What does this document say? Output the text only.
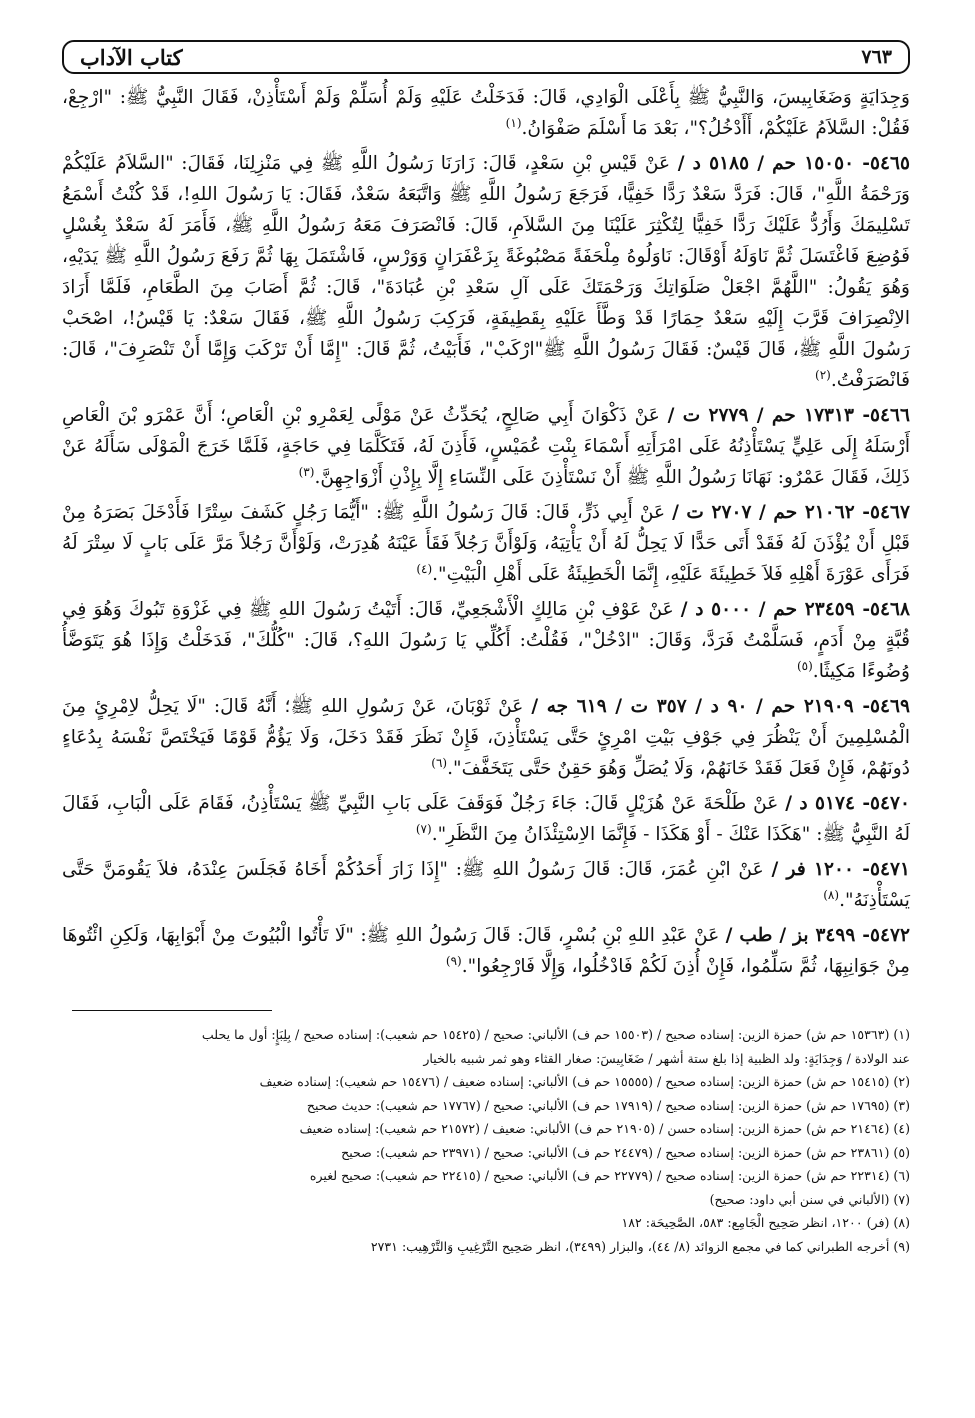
كتاب الآداب	٧٦٣

وَجِدَايَةٍ وَضَغَابِيسَ، وَالنَّبِيُّ ﷺ بِأَعْلَى الْوَادِي، قَالَ: فَدَخَلْتُ عَلَيْهِ وَلَمْ أُسَلِّمْ وَلَمْ أَسْتَأْذِنْ، فَقَالَ النَّبِيُّ ﷺ: "ارْجِعْ، فَقُلْ: السَّلاَمُ عَلَيْكُمْ، أَأَدْخُلُ؟"، بَعْدَ مَا أَسْلَمَ صَفْوَانُ.$^{(١)}$

٥٤٦٥- ١٥٠٥٠ حم / ٥١٨٥ د / عَنْ قَيْسِ بْنِ سَعْدٍ، قَالَ: زَارَنَا رَسُولُ اللَّهِ ﷺ فِي مَنْزِلِنَا، فَقَالَ: "السَّلاَمُ عَلَيْكُمْ وَرَحْمَةُ اللَّهِ"، قَالَ: فَرَدَّ سَعْدٌ رَدًّا خَفِيًّا، فَرَجَعَ رَسُولُ اللَّهِ ﷺ وَاتَّبَعَهُ سَعْدٌ، فَقَالَ: يَا رَسُولَ اللهِ!، قَدْ كُنْتُ أَسْمَعُ تَسْلِيمَكَ وَأَرُدُّ عَلَيْكَ رَدًّا خَفِيًّا لِتُكْثِرَ عَلَيْنَا مِنَ السَّلاَمِ، قَالَ: فَانْصَرَفَ مَعَهُ رَسُولُ اللَّهِ ﷺ، فَأَمَرَ لَهُ سَعْدٌ بِغُسْلٍ فَوُضِعَ فَاغْتَسَلَ ثُمَّ نَاوَلَهُ أَوْقَالَ: نَاوَلُوهُ مِلْحَفَةً مَصْبُوغَةً بِزَعْفَرَانٍ وَوَرْسٍ، فَاشْتَمَلَ بِهَا ثُمَّ رَفَعَ رَسُولُ اللَّهِ ﷺ يَدَيْهِ، وَهُوَ يَقُولُ: "اللَّهُمَّ اجْعَلْ صَلَوَاتِكَ وَرَحْمَتَكَ عَلَى آلِ سَعْدِ بْنِ عُبَادَةَ"، قَالَ: ثُمَّ أَصَابَ مِنَ الطَّعَامِ، فَلَمَّا أَرَادَ الاِنْصِرَافَ قَرَّبَ إِلَيْهِ سَعْدٌ حِمَارًا قَدْ وَطَّأَ عَلَيْهِ بِقَطِيفَةٍ، فَرَكِبَ رَسُولُ اللَّهِ ﷺ، فَقَالَ سَعْدٌ: يَا قَيْسُ!، اصْحَبْ رَسُولَ اللَّهِ ﷺ، قَالَ قَيْسٌ: فَقَالَ رَسُولُ اللَّهِ ﷺ"ارْكَبْ"، فَأَبَيْتُ، ثُمَّ قَالَ: "إِمَّا أَنْ تَرْكَبَ وَإِمَّا أَنْ تَنْصَرِفَ"، قَالَ: فَانْصَرَفْتُ.$^{(٢)}$

٥٤٦٦- ١٧٣١٣ حم / ٢٧٧٩ ت / عَنْ ذَكْوَانَ أَبِي صَالِحٍ، يُحَدِّثُ عَنْ مَوْلًى لِعَمْرِو بْنِ الْعَاصِ؛ أَنَّ عَمْرَو بْنَ الْعَاصِ أَرْسَلَهُ إِلَى عَلِيٍّ يَسْتَأْذِنُهُ عَلَى امْرَأَتِهِ أَسْمَاءَ بِنْتِ عُمَيْسٍ، فَأَذِنَ لَهُ، فَتَكَلَّمَا فِي حَاجَةٍ، فَلَمَّا خَرَجَ الْمَوْلَى سَأَلَهُ عَنْ ذَلِكَ، فَقَالَ عَمْرٌو: نَهَانَا رَسُولُ اللَّهِ ﷺ أَنْ نَسْتَأْذِنَ عَلَى النِّسَاءِ إِلَّا بِإِذْنِ أَزْوَاجِهِنَّ.$^{(٣)}$

٥٤٦٧- ٢١٠٦٢ حم / ٢٧٠٧ ت / عَنْ أَبِي ذَرٍّ، قَالَ: قَالَ رَسُولُ اللَّهِ ﷺ: "أَيُّمَا رَجُلٍ كَشَفَ سِتْرًا فَأَدْخَلَ بَصَرَهُ مِنْ قَبْلِ أَنْ يُؤْذَنَ لَهُ فَقَدْ أَتَى حَدًّا لَا يَحِلُّ لَهُ أَنْ يَأْتِيَهُ، وَلَوْأَنَّ رَجُلاً فَقَأَ عَيْنَهُ هُدِرَتْ، وَلَوْأَنَّ رَجُلاً مَرَّ عَلَى بَابٍ لَا سِتْرَ لَهُ فَرَأَى عَوْرَةَ أَهْلِهِ فَلاَ خَطِيئَةَ عَلَيْهِ، إِنَّمَا الْخَطِيئَةُ عَلَى أَهْلِ الْبَيْتِ".$^{(٤)}$

٥٤٦٨- ٢٣٤٥٩ حم / ٥٠٠٠ د / عَنْ عَوْفِ بْنِ مَالِكٍ الْأَشْجَعِيِّ، قَالَ: أَتَيْتُ رَسُولَ اللهِ ﷺ فِي غَزْوَةِ تَبُوكَ وَهُوَ فِي قُبَّةٍ مِنْ أَدَمٍ، فَسَلَّمْتُ فَرَدَّ، وَقَالَ: "ادْخُلْ"، فَقُلْتُ: أَكُلِّي يَا رَسُولَ اللهِ؟، قَالَ: "كُلُّكَ"، فَدَخَلْتُ وَإِذَا هُوَ يَتَوَضَّأُ وُضُوءًا مَكِيثًا.$^{(٥)}$

٥٤٦٩- ٢١٩٠٩ حم / ٩٠ د / ٣٥٧ ت / ٦١٩ جه / عَنْ ثَوْبَانَ، عَنْ رَسُولِ اللهِ ﷺ؛ أَنَّهُ قَالَ: "لَا يَحِلُّ لاِمْرِئٍ مِنَ الْمُسْلِمِينَ أَنْ يَنْظُرَ فِي جَوْفِ بَيْتِ امْرِئٍ حَتَّى يَسْتَأْذِنَ، فَإِنْ نَظَرَ فَقَدْ دَخَلَ، وَلَا يَؤُمُّ قَوْمًا فَيَخْتَصَّ نَفْسَهُ بِدُعَاءٍ دُونَهُمْ، فَإِنْ فَعَلَ فَقَدْ خَانَهُمْ، وَلَا يُصَلِّ وَهُوَ حَقِنٌ حَتَّى يَتَخَفَّفَ".$^{(٦)}$

٥٤٧٠- ٥١٧٤ د / عَنْ طَلْحَةَ عَنْ هُزَيْلٍ قَالَ: جَاءَ رَجُلٌ فَوَقَفَ عَلَى بَابِ النَّبِيِّ ﷺ يَسْتَأْذِنُ، فَقَامَ عَلَى الْبَابِ، فَقَالَ لَهُ النَّبِيُّ ﷺ: "هَكَذَا عَنْكَ - أَوْ هَكَذَا - فَإِنَّمَا الاِسْتِئْذَانُ مِنَ النَّظَرِ".$^{(٧)}$

٥٤٧١- ١٢٠٠ فر / عَنْ ابْنِ عُمَرَ، قَالَ: قَالَ رَسُولُ اللهِ ﷺ: "إِذَا زَارَ أَحَدُكُمْ أَخَاهُ فَجَلَسَ عِنْدَهُ، فلاَ يَقُومَنَّ حَتَّى يَسْتَأْذِنَهُ".$^{(٨)}$

٥٤٧٢- ٣٤٩٩ بز / طب / عَنْ عَبْدِ اللهِ بْنِ بُسْرٍ، قَالَ: قَالَ رَسُولُ اللهِ ﷺ: "لَا تَأْتُوا الْبُيُوتَ مِنْ أَبْوَابِهَا، وَلَكِنِ ائْتُوهَا مِنْ جَوَانِبِهَا، ثُمَّ سَلِّمُوا، فَإِنْ أُذِنَ لَكُمْ فَادْخُلُوا، وَإِلَّا فَارْجِعُوا".$^{(٩)}$

(١) (١٥٣٦٣ حم ش) حمزة الزين: إسناده صحيح / (١٥٥٠٣ حم ف) الألباني: صحيح / (١٥٤٢٥ حم شعيب): إسناده صحيح / بِلِبَإٍ: أول ما يحلب
عند الولادة / وَجِدَايَةٍ: ولد الظبية إذا بلغ ستة أشهر / ضَغَابِيسَ: صغار القثاء وهو ثمر شبيه بالخيار
(٢) (١٥٤١٥ حم ش) حمزة الزين: إسناده صحيح / (١٥٥٥٥ حم ف) الألباني: إسناده ضعيف / (١٥٤٧٦ حم شعيب): إسناده ضعيف
(٣) (١٧٦٩٥ حم ش) حمزة الزين: إسناده صحيح / (١٧٩١٩ حم ف) الألباني: صحيح / (١٧٧٦٧ حم شعيب): حديث صحيح
(٤) (٢١٤٦٤ حم ش) حمزة الزين: إسناده حسن / (٢١٩٠٥ حم ف) الألباني: ضعيف / (٢١٥٧٢ حم شعيب): إسناده ضعيف
(٥) (٢٣٨٦١ حم ش) حمزة الزين: إسناده صحيح / (٢٤٤٧٩ حم ف) الألباني: صحيح / (٢٣٩٧١ حم شعيب): صحيح
(٦) (٢٢٣١٤ حم ش) حمزة الزين: إسناده صحيح / (٢٢٧٧٩ حم ف) الألباني: صحيح / (٢٢٤١٥ حم شعيب): صحيح لغيره
(٧) (الألباني في سنن أبي داود: صحيح)
(٨) (فر) ١٢٠٠، انظر صَحِيح الْجَامِع: ٥٨٣، الصَّحِيحَة: ١٨٢
(٩) أخرجه الطبراني كما في مجمع الزوائد (٨/ ٤٤)، والبزار (٣٤٩٩)، انظر صَحِيح التَّرْغِيبِ وَالتَّرْهِيب: ٢٧٣١
